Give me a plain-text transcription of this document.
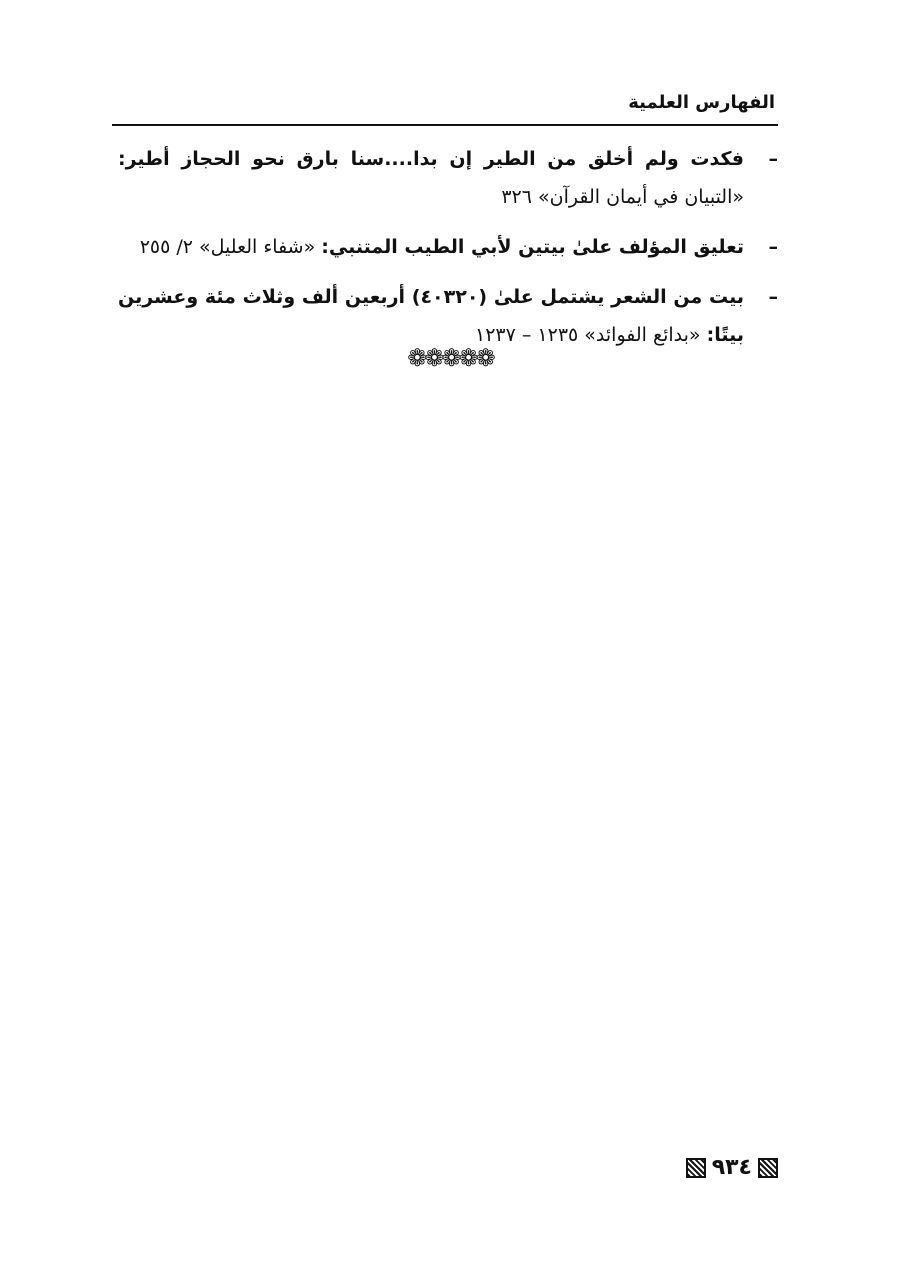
الفهارس العلمية
–
فكدت ولم أخلق من الطير إن بدا....سنا بارق نحو الحجاز أطير: «التبيان في أيمان القرآن» ٣٢٦
–
تعليق المؤلف علىٰ بيتين لأبي الطيب المتنبي: «شفاء العليل» ٢/ ٢٥٥
–
بيت من الشعر يشتمل علىٰ (٤٠٣٢٠) أربعين ألف وثلاث مئة وعشرين بيتًا: «بدائع الفوائد» ١٢٣٥ – ١٢٣٧
❁❁❁❁❁
٩٣٤
